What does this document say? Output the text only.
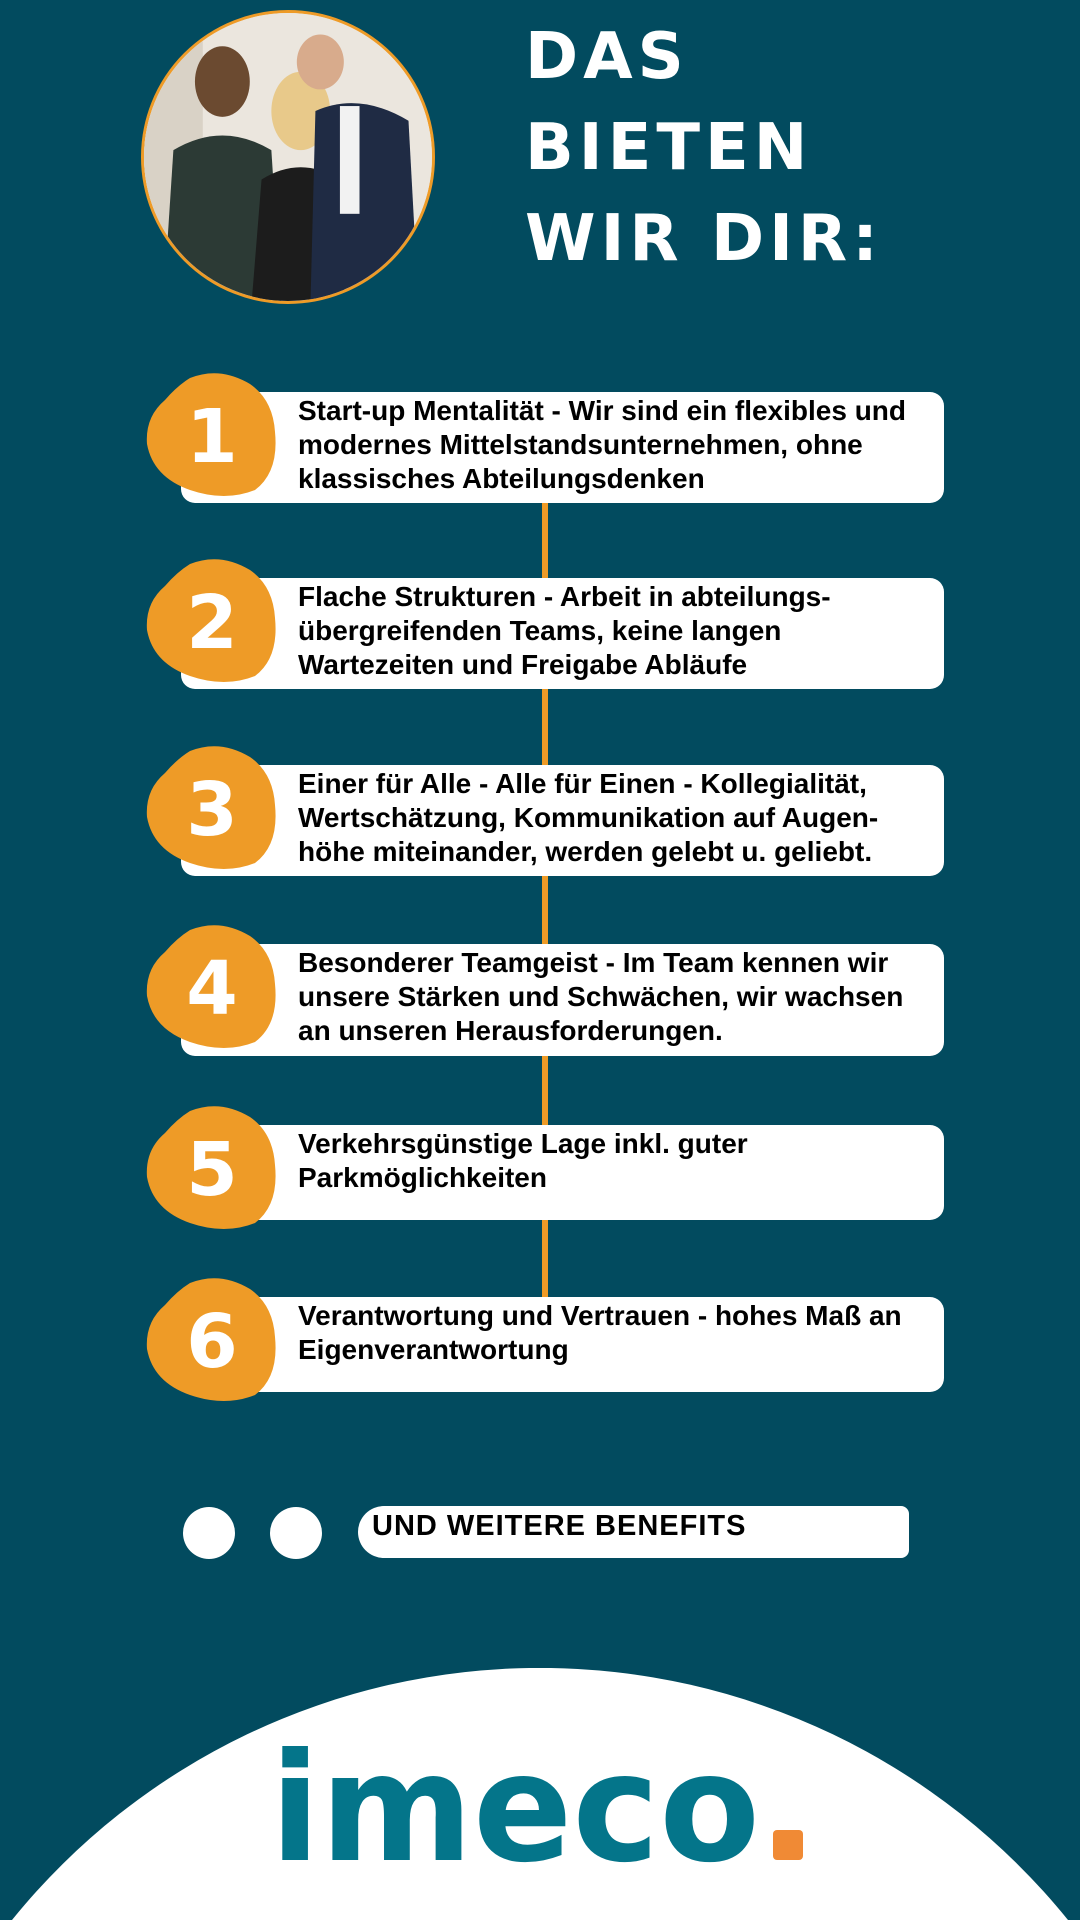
DAS
BIETEN
WIR DIR:
1	Start-up Mentalität - Wir sind ein flexibles und modernes Mittelstandsunternehmen, ohne klassisches Abteilungsdenken
2	Flache Strukturen - Arbeit in abteilungs-übergreifenden Teams, keine langen Wartezeiten und Freigabe Abläufe
3	Einer für Alle - Alle für Einen - Kollegialität, Wertschätzung, Kommunikation auf Augen-höhe miteinander, werden gelebt u. geliebt.
4	Besonderer Teamgeist - Im Team kennen wir unsere Stärken und Schwächen, wir wachsen an unseren Herausforderungen.
5	Verkehrsgünstige Lage inkl. guter Parkmöglichkeiten
6	Verantwortung und Vertrauen - hohes Maß an Eigenverantwortung
UND WEITERE BENEFITS
imeco
